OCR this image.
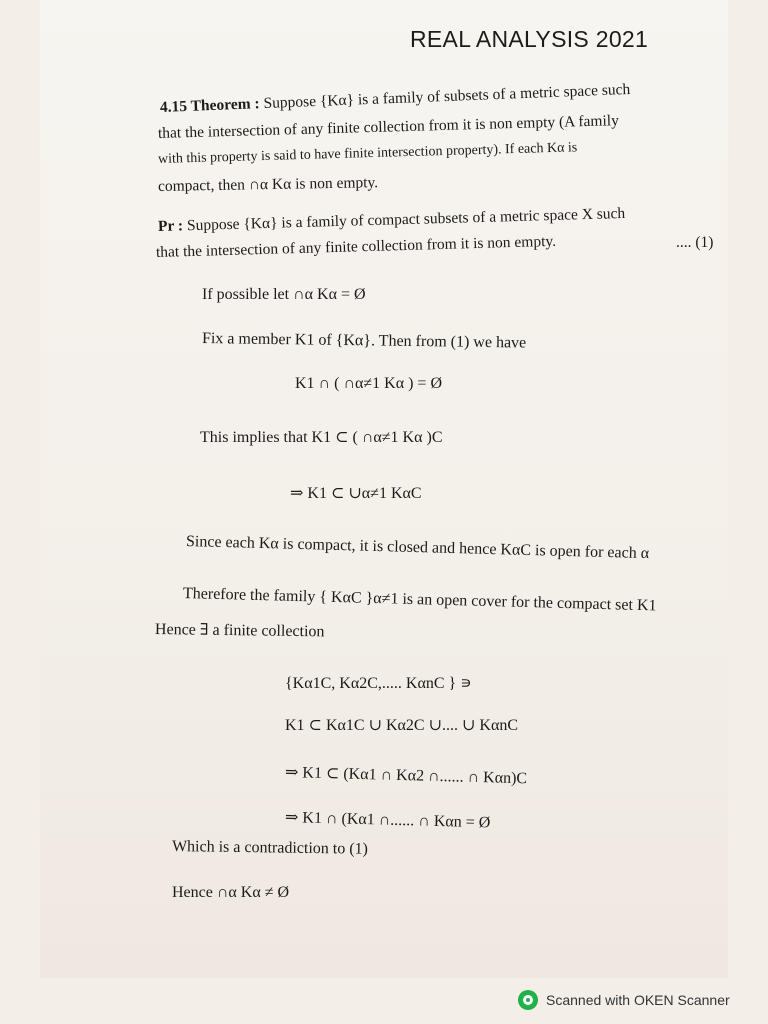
REAL ANALYSIS 2021
4.15 Theorem : Suppose {Kα} is a family of subsets of a metric space such
that the intersection of any finite collection from it is non empty (A family
with this property is said to have finite intersection property). If each Kα is
compact, then ∩α Kα is non empty.
Pr : Suppose {Kα} is a family of compact subsets of a metric space X such
that the intersection of any finite collection from it is non empty.	.... (1)
If possible let ∩α Kα = Ø
Fix a member K1 of {Kα}. Then from (1) we have
K1 ∩ ( ∩α≠1 Kα ) = Ø
This implies that K1 ⊂ ( ∩α≠1 Kα )C
⇒ K1 ⊂ ∪α≠1 KαC
Since each Kα is compact, it is closed and hence KαC is open for each α
Therefore the family { KαC }α≠1 is an open cover for the compact set K1
Hence ∃ a finite collection
{Kα1C, Kα2C,..... KαnC } ∍
K1 ⊂ Kα1C ∪ Kα2C ∪.... ∪ KαnC
⇒ K1 ⊂ (Kα1 ∩ Kα2 ∩...... ∩ Kαn)C
⇒ K1 ∩ (Kα1 ∩...... ∩ Kαn = Ø
Which is a contradiction to (1)
Hence ∩α Kα ≠ Ø
Scanned with OKEN Scanner
